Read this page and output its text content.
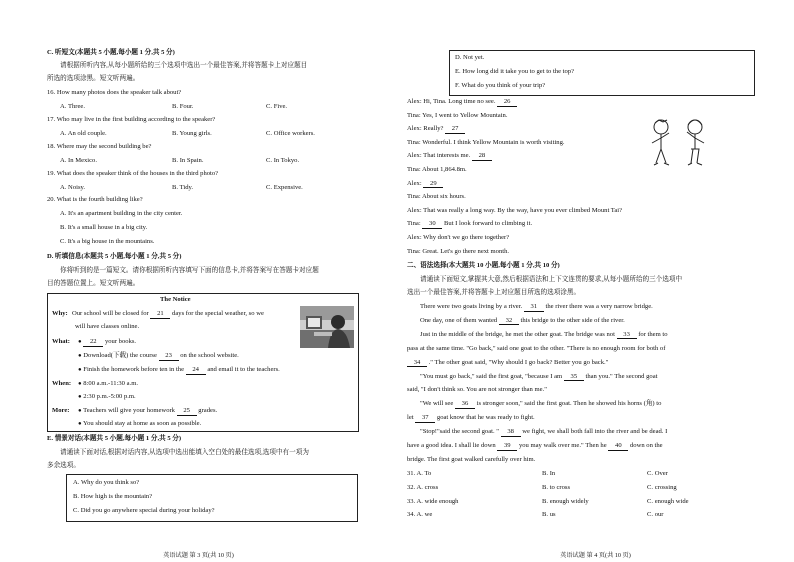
C. 听短文(本题共 5 小题,每小题 1 分,共 5 分)
请根据所听内容,从每小题所给的三个选项中选出一个最佳答案,并将答题卡上对应题目
所选的选项涂黑。短文听两遍。
16. How many photos does the speaker talk about?
A. Three.	B. Four.	C. Five.
17. Who may live in the first building according to the speaker?
A. An old couple.	B. Young girls.	C. Office workers.
18. Where may the second building be?
A. In Mexico.	B. In Spain.	C. In Tokyo.
19. What does the speaker think of the houses in the third photo?
A. Noisy.	B. Tidy.	C. Expensive.
20. What is the fourth building like?
A. It's an apartment building in the city center.
B. It's a small house in a big city.
C. It's a big house in the mountains.
D. 听填信息(本题共 5 小题,每小题 1 分,共 5 分)
你将听到的是一篇短文。请你根据所听内容填写下面的信息卡,并将答案写在答题卡对应题
目的答题位置上。短文听两遍。
The Notice
Why: Our school will be closed for 21 days for the special weather, so we
will have classes online.
What: ● 22 your books.
● Download(下载) the course 23 on the school website.
● Finish the homework before ten in the 24 and email it to the teachers.
When: ● 8:00 a.m.-11:30 a.m.
● 2:30 p.m.-5:00 p.m.
More: ● Teachers will give your homework 25 grades.
● You should stay at home as soon as possible.
E. 情景对话(本题共 5 小题,每小题 1 分,共 5 分)
请通读下面对话,根据对话内容,从选项中选出能填入空白处的最佳选项,选项中有一项为
多余选项。
A. Why do you think so?
B. How high is the mountain?
C. Did you go anywhere special during your holiday?
英语试题 第 3 页(共 10 页)
D. Not yet.
E. How long did it take you to get to the top?
F. What do you think of your trip?
Alex: Hi, Tina. Long time no see. 26
Tina: Yes, I went to Yellow Mountain.
Alex: Really? 27
Tina: Wonderful. I think Yellow Mountain is worth visiting.
Alex: That interests me. 28
Tina: About 1,864.8m.
Alex: 29
Tina: About six hours.
Alex: That was really a long way. By the way, have you ever climbed Mount Tai?
Tina: 30 But I look forward to climbing it.
Alex: Why don't we go there together?
Tina: Great. Let's go there next month.
二、语法选择(本大题共 10 小题,每小题 1 分,共 10 分)
请通读下面短文,掌握其大意,然后根据语法和上下文连贯的要求,从每小题所给的三个选项中
选出一个最佳答案,并将答题卡上对应题目所选的选项涂黑。
There were two goats living by a river. 31 the river there was a very narrow bridge.
One day, one of them wanted 32 this bridge to the other side of the river.
Just in the middle of the bridge, he met the other goat. The bridge was not 33 for them to
pass at the same time. "Go back," said one goat to the other. "There is no enough room for both of
34 ." The other goat said, "Why should I go back? Better you go back."
"You must go back," said the first goat, "because I am 35 than you." The second goat
said, "I don't think so. You are not stronger than me."
"We will see 36 is stronger soon," said the first goat. Then he showed his horns (角) to
let 37 goat know that he was ready to fight.
"Stop!"said the second goat. " 38 we fight, we shall both fall into the river and be dead. I
have a good idea. I shall lie down 39 you may walk over me." Then he 40 down on the
bridge. The first goat walked carefully over him.
31. A. To	B. In	C. Over
32. A. cross	B. to cross	C. crossing
33. A. wide enough	B. enough widely	C. enough wide
34. A. we	B. us	C. our
英语试题 第 4 页(共 10 页)
